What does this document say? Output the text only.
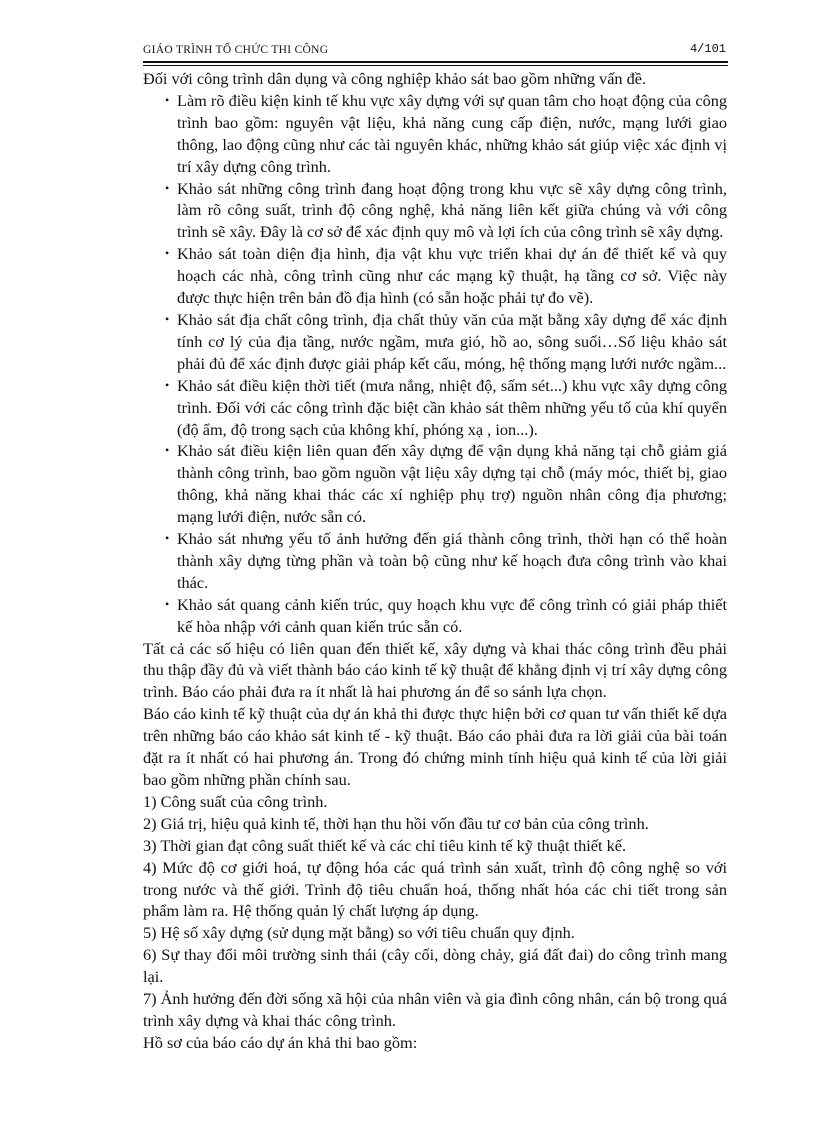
GIÁO TRÌNH TỔ CHỨC THI CÔNG	4/101

Đối với công trình dân dụng và công nghiệp khảo sát bao gồm những vấn đề.

• Làm rõ điều kiện kinh tế khu vực xây dựng với sự quan tâm cho hoạt động của công trình bao gồm: nguyên vật liệu, khả năng cung cấp điện, nước, mạng lưới giao thông, lao động cũng như các tài nguyên khác, những khảo sát giúp việc xác định vị trí xây dựng công trình.
• Khảo sát những công trình đang hoạt động trong khu vực sẽ xây dựng công trình, làm rõ công suất, trình độ công nghệ, khả năng liên kết giữa chúng và với công trình sẽ xây. Đây là cơ sở để xác định quy mô và lợi ích của công trình sẽ xây dựng.
• Khảo sát toàn diện địa hình, địa vật khu vực triển khai dự án để thiết kế và quy hoạch các nhà, công trình cũng như các mạng kỹ thuật, hạ tầng cơ sở. Việc này được thực hiện trên bản đồ địa hình (có sẵn hoặc phải tự đo vẽ).
• Khảo sát địa chất công trình, địa chất thủy văn của mặt bằng xây dựng để xác định tính cơ lý của địa tầng, nước ngầm, mưa gió, hồ ao, sông suối…Số liệu khảo sát phải đủ để xác định được giải pháp kết cấu, móng, hệ thống mạng lưới nước ngầm...
• Khảo sát điều kiện thời tiết (mưa nắng, nhiệt độ, sấm sét...) khu vực xây dựng công trình. Đối với các công trình đặc biệt cần khảo sát thêm những yếu tố của khí quyển (độ ẩm, độ trong sạch của không khí, phóng xạ , ion...).
• Khảo sát điều kiện liên quan đến xây dựng để vận dụng khả năng tại chỗ giảm giá thành công trình, bao gồm nguồn vật liệu xây dựng tại chỗ (máy móc, thiết bị, giao thông, khả năng khai thác các xí nghiệp phụ trợ) nguồn nhân công địa phương; mạng lưới điện, nước sẵn có.
• Khảo sát nhưng yếu tố ảnh hưởng đến giá thành công trình, thời hạn có thể hoàn thành xây dựng từng phần và toàn bộ cũng như kế hoạch đưa công trình vào khai thác.
• Khảo sát quang cảnh kiến trúc, quy hoạch khu vực để công trình có giải pháp thiết kế hòa nhập với cảnh quan kiến trúc sẵn có.

Tất cả các số hiệu có liên quan đến thiết kế, xây dựng và khai thác công trình đều phải thu thập đầy đủ và viết thành báo cáo kinh tế kỹ thuật để khẳng định vị trí xây dựng công trình. Báo cáo phải đưa ra ít nhất là hai phương án để so sánh lựa chọn.

Báo cáo kinh tế kỹ thuật của dự án khả thi được thực hiện bởi cơ quan tư vấn thiết kế dựa trên những báo cáo khảo sát kinh tế - kỹ thuật. Báo cáo phải đưa ra lời giải của bài toán đặt ra ít nhất có hai phương án. Trong đó chứng minh tính hiệu quả kinh tế của lời giải bao gồm những phần chính sau.

1) Công suất của công trình.
2) Giá trị, hiệu quả kinh tế, thời hạn thu hồi vốn đầu tư cơ bản của công trình.
3) Thời gian đạt công suất thiết kế và các chỉ tiêu kinh tế kỹ thuật thiết kế.
4) Mức độ cơ giới hoá, tự động hóa các quá trình sản xuất, trình độ công nghệ so với trong nước và thế giới. Trình độ tiêu chuẩn hoá, thống nhất hóa các chi tiết trong sản phẩm làm ra. Hệ thống quản lý chất lượng áp dụng.
5) Hệ số xây dựng (sử dụng mặt bằng) so với tiêu chuẩn quy định.
6) Sự thay đổi môi trường sinh thái (cây cối, dòng chảy, giá đất đai) do công trình mang lại.
7) Ảnh hưởng đến đời sống xã hội của nhân viên và gia đình công nhân, cán bộ trong quá trình xây dựng và khai thác công trình.

Hồ sơ của báo cáo dự án khả thi bao gồm:
